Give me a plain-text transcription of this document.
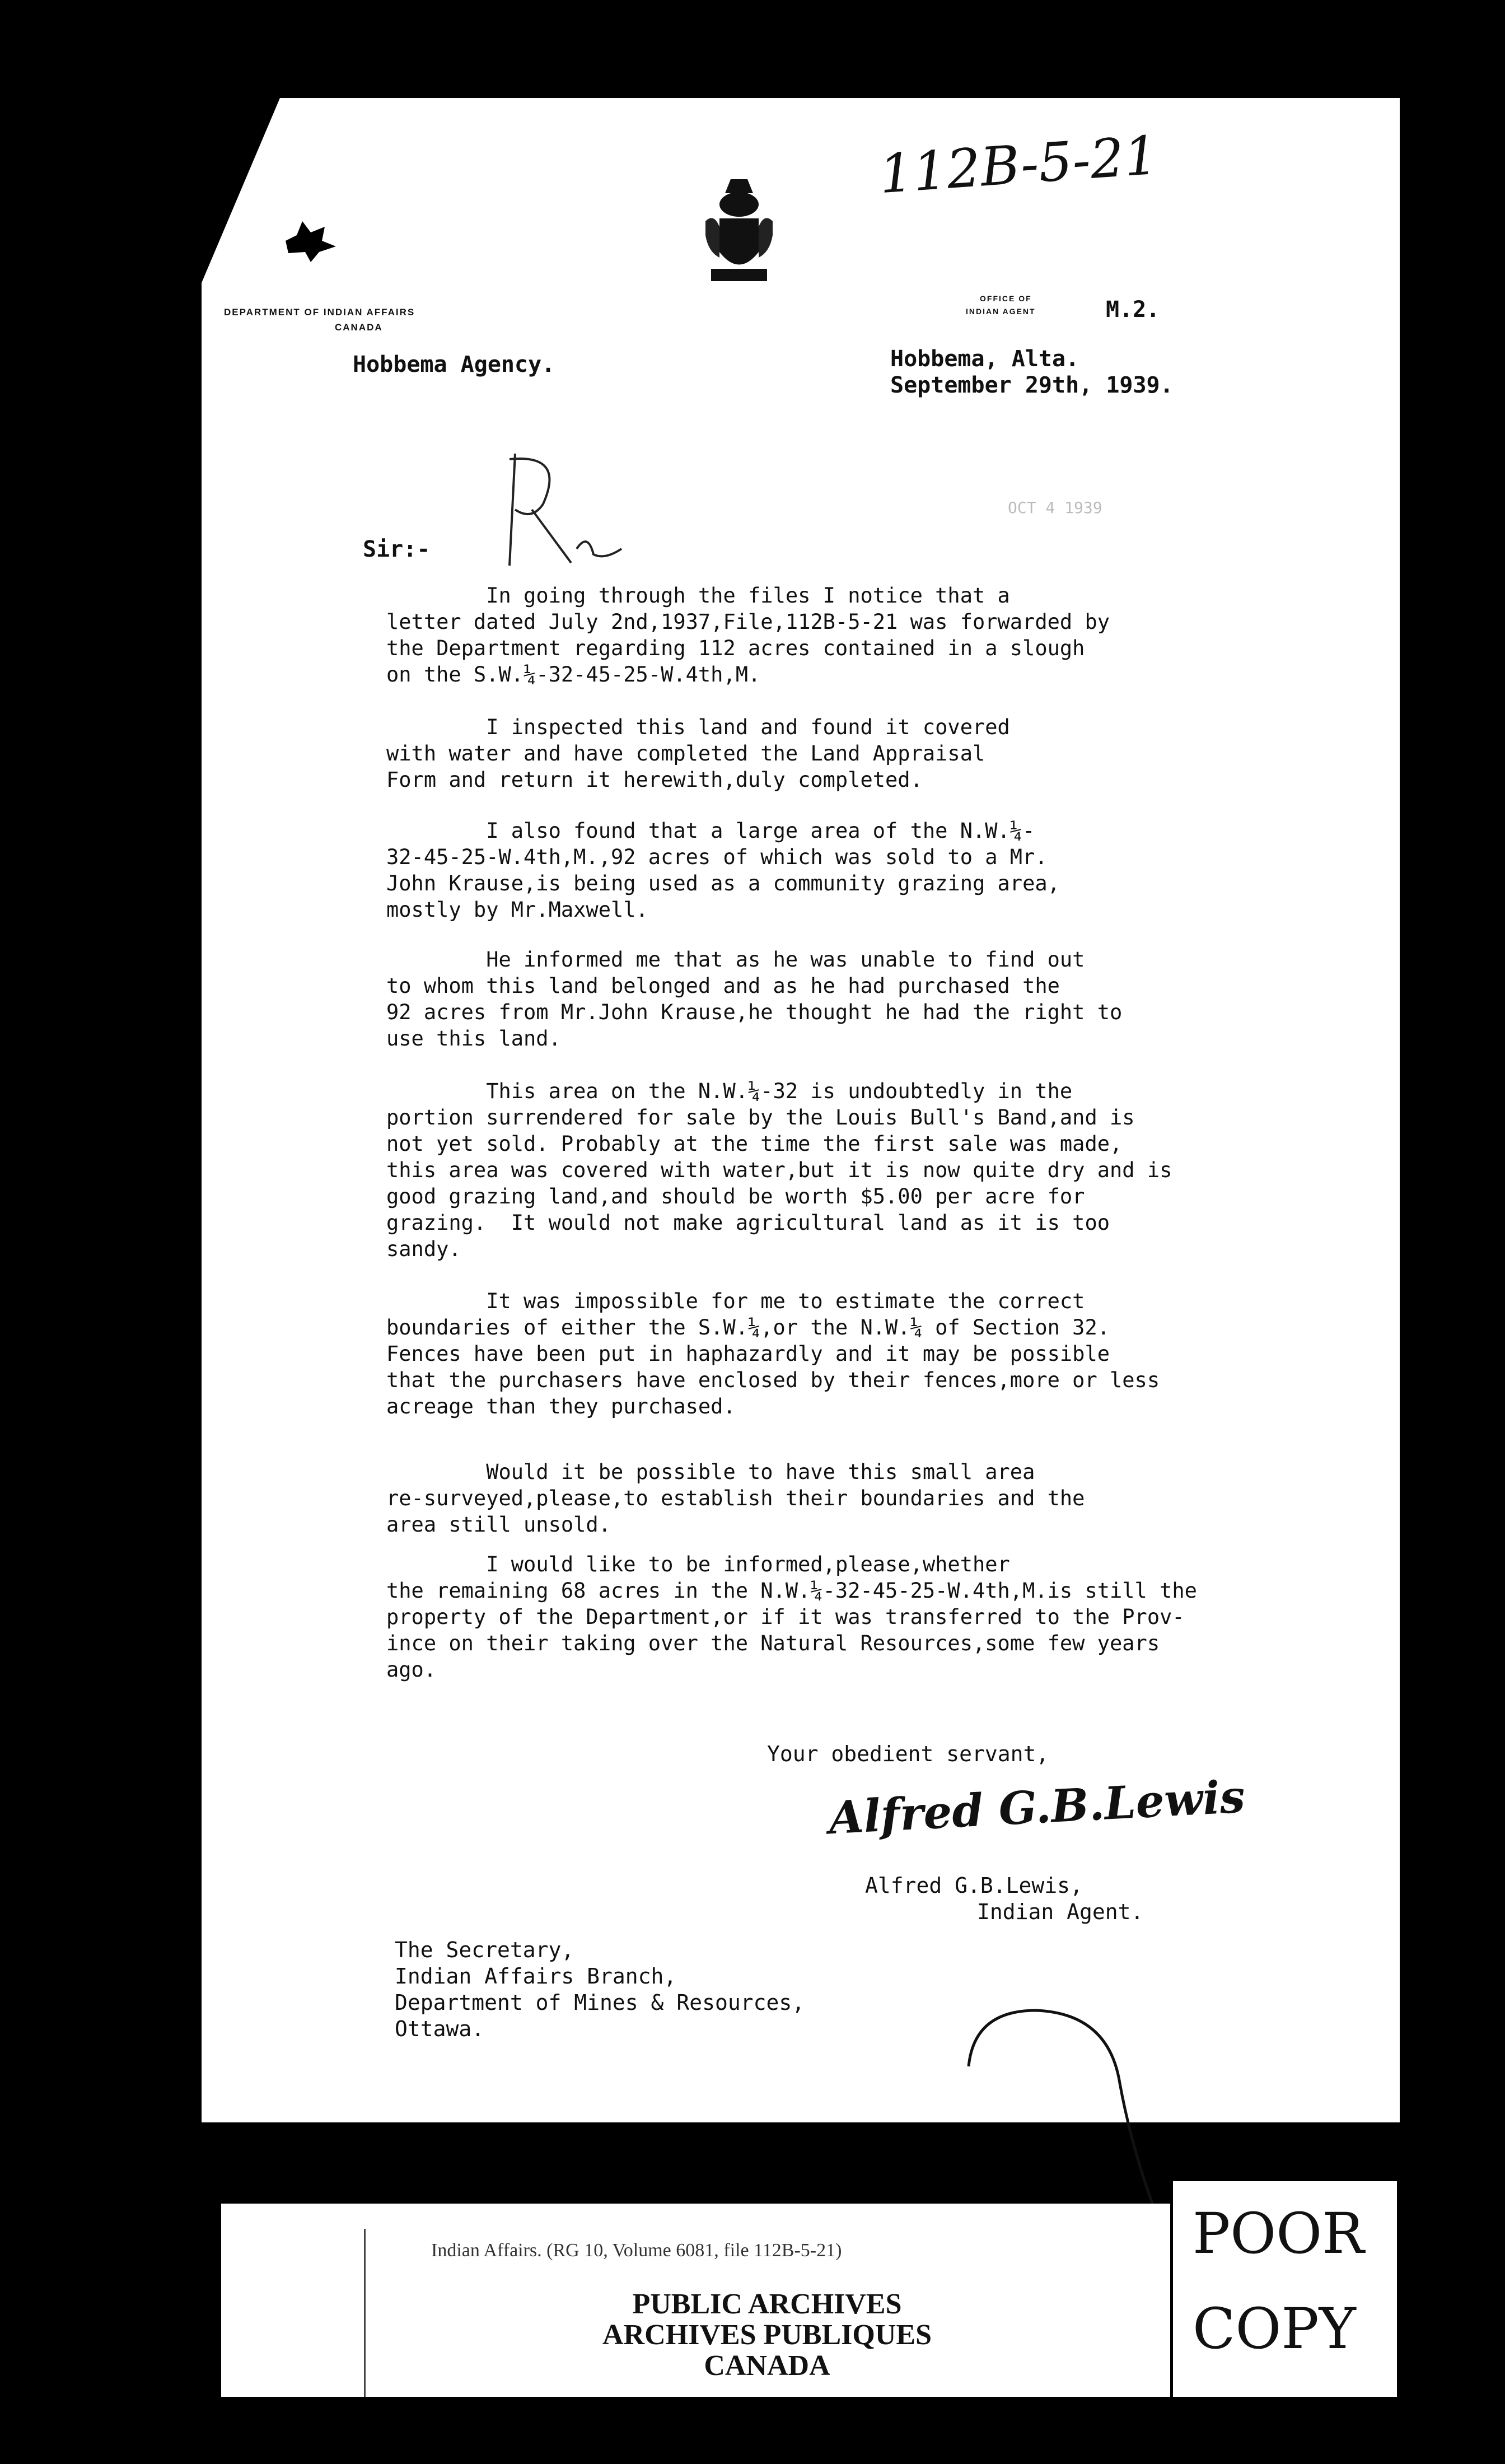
112B-5-21
DEPARTMENT OF INDIAN AFFAIRS
CANADA
OFFICE OF
INDIAN AGENT	M.2.
Hobbema Agency.	Hobbema, Alta.
September 29th, 1939.
OCT 4 1939
Sir:-
In going through the files I notice that a
letter dated July 2nd,1937,File,112B-5-21 was forwarded by
the Department regarding 112 acres contained in a slough
on the S.W.¼-32-45-25-W.4th,M.
I inspected this land and found it covered
with water and have completed the Land Appraisal
Form and return it herewith,duly completed.
I also found that a large area of the N.W.¼-
32-45-25-W.4th,M.,92 acres of which was sold to a Mr.
John Krause,is being used as a community grazing area,
mostly by Mr.Maxwell.
He informed me that as he was unable to find out
to whom this land belonged and as he had purchased the
92 acres from Mr.John Krause,he thought he had the right to
use this land.
This area on the N.W.¼-32 is undoubtedly in the
portion surrendered for sale by the Louis Bull's Band,and is
not yet sold. Probably at the time the first sale was made,
this area was covered with water,but it is now quite dry and is
good grazing land,and should be worth $5.00 per acre for
grazing.  It would not make agricultural land as it is too
sandy.
It was impossible for me to estimate the correct
boundaries of either the S.W.¼,or the N.W.¼ of Section 32.
Fences have been put in haphazardly and it may be possible
that the purchasers have enclosed by their fences,more or less
acreage than they purchased.
Would it be possible to have this small area
re-surveyed,please,to establish their boundaries and the
area still unsold.
I would like to be informed,please,whether
the remaining 68 acres in the N.W.¼-32-45-25-W.4th,M.is still the
property of the Department,or if it was transferred to the Prov-
ince on their taking over the Natural Resources,some few years
ago.
Your obedient servant,
Alfred G.B.Lewis
Alfred G.B.Lewis,
Indian Agent.
The Secretary,
Indian Affairs Branch,
Department of Mines & Resources,
Ottawa.
Indian Affairs. (RG 10, Volume 6081, file 112B-5-21)
PUBLIC ARCHIVES
ARCHIVES PUBLIQUES
CANADA
POOR
COPY
